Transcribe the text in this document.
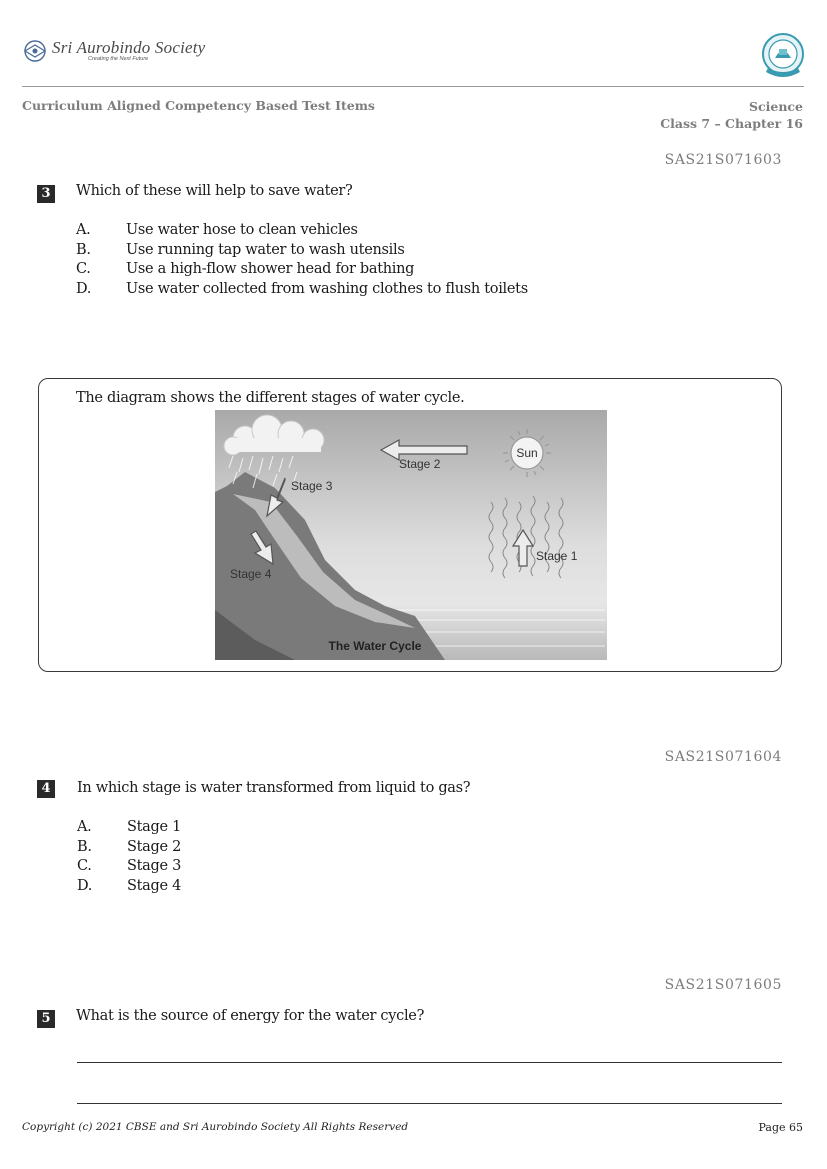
Sri Aurobindo Society
Creating the Next Future
Curriculum Aligned Competency Based Test Items	Science
Class 7 – Chapter 16
SAS21S071603
3	Which of these will help to save water?
A. Use water hose to clean vehicles
B. Use running tap water to wash utensils
C. Use a high-flow shower head for bathing
D. Use water collected from washing clothes to flush toilets
The diagram shows the different stages of water cycle.
Sun
Stage 2
Stage 3
Stage 4
Stage 1
The Water Cycle
SAS21S071604
4	In which stage is water transformed from liquid to gas?
A. Stage 1
B. Stage 2
C. Stage 3
D. Stage 4
SAS21S071605
5	What is the source of energy for the water cycle?
Copyright (c) 2021 CBSE and Sri Aurobindo Society All Rights Reserved	Page 65
